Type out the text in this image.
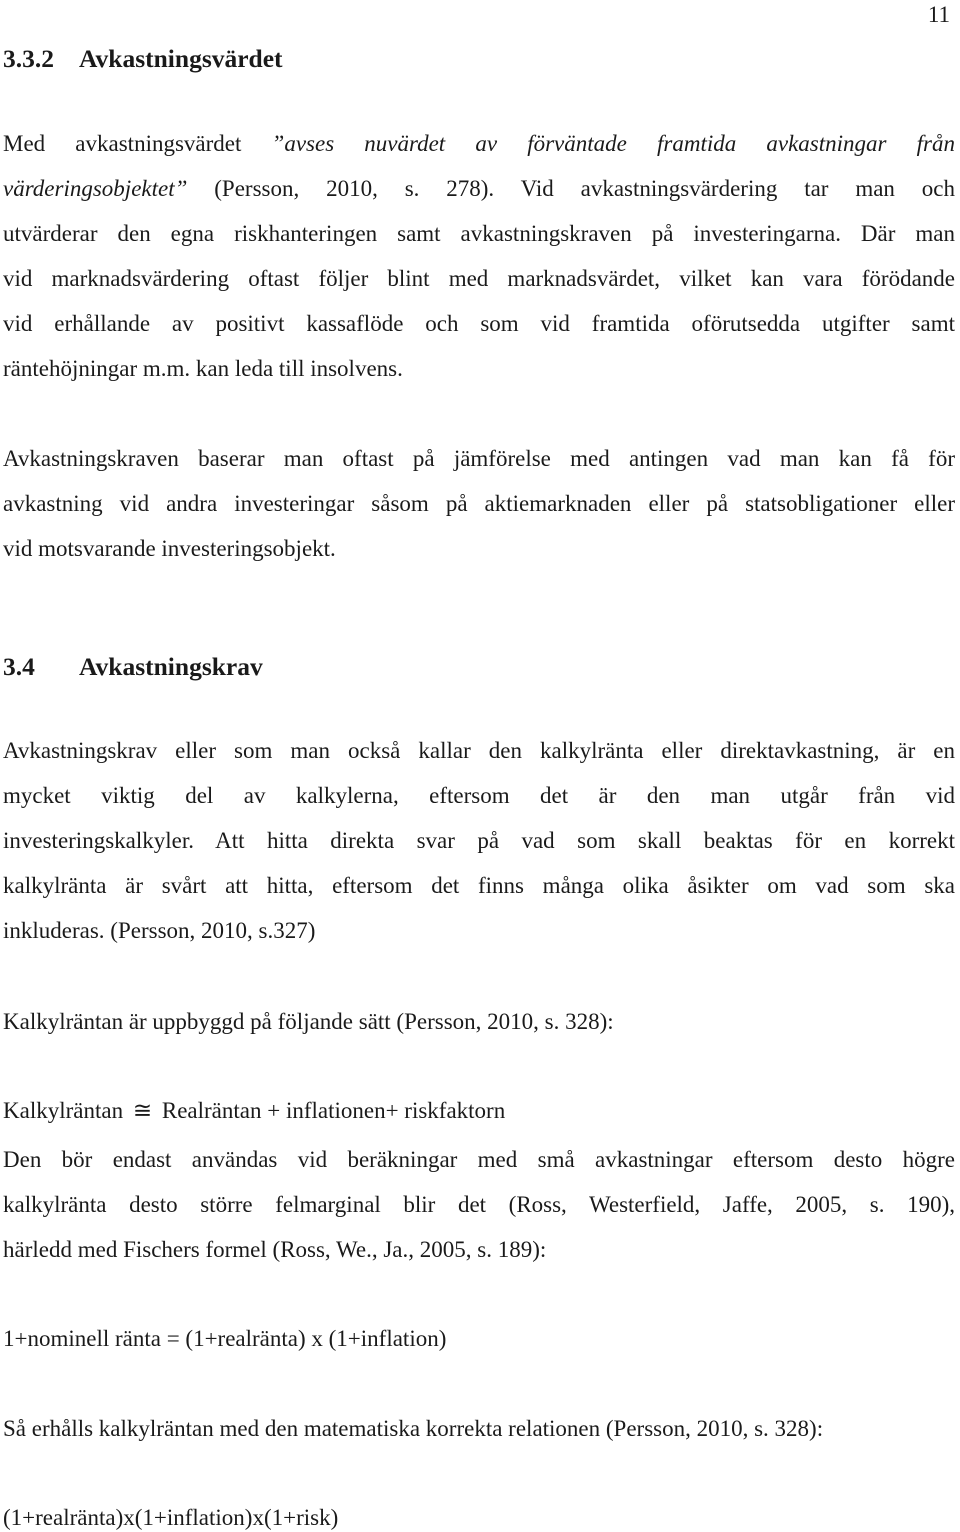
11
3.3.2 Avkastningsvärdet
Med avkastningsvärdet ”avses nuvärdet av förväntade framtida avkastningar från
värderingsobjektet” (Persson, 2010, s. 278). Vid avkastningsvärdering tar man och
utvärderar den egna riskhanteringen samt avkastningskraven på investeringarna. Där man
vid marknadsvärdering oftast följer blint med marknadsvärdet, vilket kan vara förödande
vid erhållande av positivt kassaflöde och som vid framtida oförutsedda utgifter samt
räntehöjningar m.m. kan leda till insolvens.
Avkastningskraven baserar man oftast på jämförelse med antingen vad man kan få för
avkastning vid andra investeringar såsom på aktiemarknaden eller på statsobligationer eller
vid motsvarande investeringsobjekt.
3.4 Avkastningskrav
Avkastningskrav eller som man också kallar den kalkylränta eller direktavkastning, är en
mycket viktig del av kalkylerna, eftersom det är den man utgår från vid
investeringskalkyler. Att hitta direkta svar på vad som skall beaktas för en korrekt
kalkylränta är svårt att hitta, eftersom det finns många olika åsikter om vad som ska
inkluderas. (Persson, 2010, s.327)
Kalkylräntan är uppbyggd på följande sätt (Persson, 2010, s. 328):
Kalkylräntan ≅ Realräntan + inflationen+ riskfaktorn
Den bör endast användas vid beräkningar med små avkastningar eftersom desto högre
kalkylränta desto större felmarginal blir det (Ross, Westerfield, Jaffe, 2005, s. 190),
härledd med Fischers formel (Ross, We., Ja., 2005, s. 189):
1+nominell ränta = (1+realränta) x (1+inflation)
Så erhålls kalkylräntan med den matematiska korrekta relationen (Persson, 2010, s. 328):
(1+realränta)x(1+inflation)x(1+risk)
